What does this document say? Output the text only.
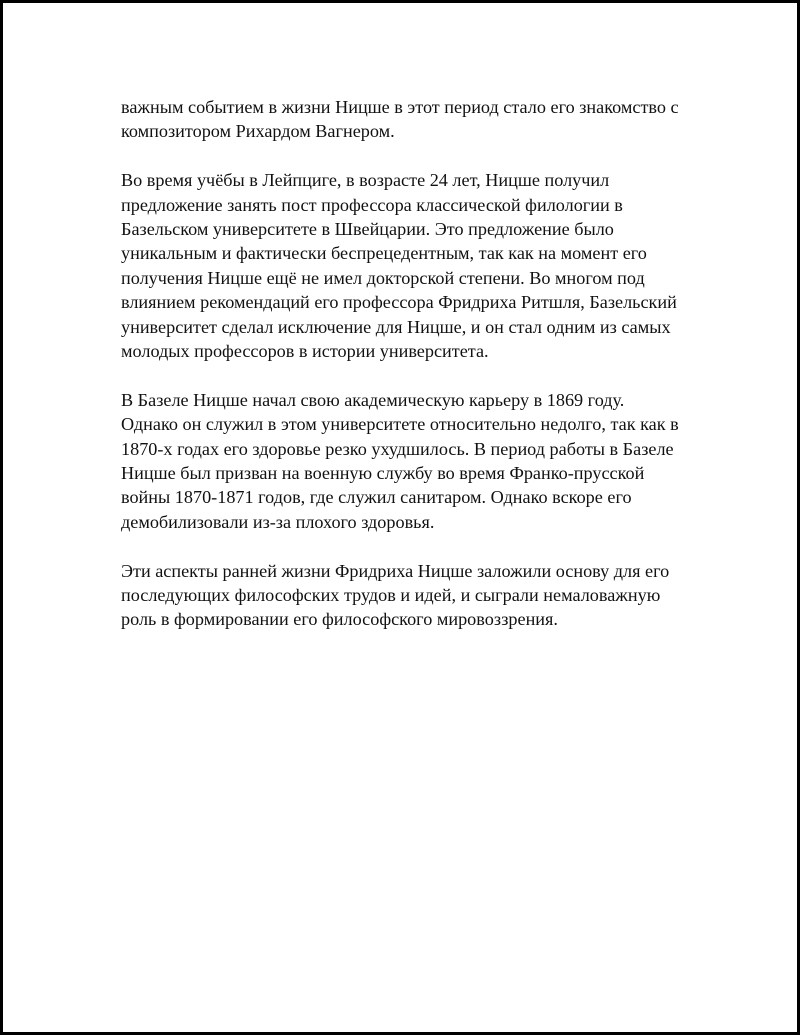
важным событием в жизни Ницше в этот период стало его знакомство с
композитором Рихардом Вагнером.

Во время учёбы в Лейпциге, в возрасте 24 лет, Ницше получил
предложение занять пост профессора классической филологии в
Базельском университете в Швейцарии. Это предложение было
уникальным и фактически беспрецедентным, так как на момент его
получения Ницше ещё не имел докторской степени. Во многом под
влиянием рекомендаций его профессора Фридриха Ритшля, Базельский
университет сделал исключение для Ницше, и он стал одним из самых
молодых профессоров в истории университета.

В Базеле Ницше начал свою академическую карьеру в 1869 году.
Однако он служил в этом университете относительно недолго, так как в
1870-х годах его здоровье резко ухудшилось. В период работы в Базеле
Ницше был призван на военную службу во время Франко-прусской
войны 1870-1871 годов, где служил санитаром. Однако вскоре его
демобилизовали из-за плохого здоровья.

Эти аспекты ранней жизни Фридриха Ницше заложили основу для его
последующих философских трудов и идей, и сыграли немаловажную
роль в формировании его философского мировоззрения.
